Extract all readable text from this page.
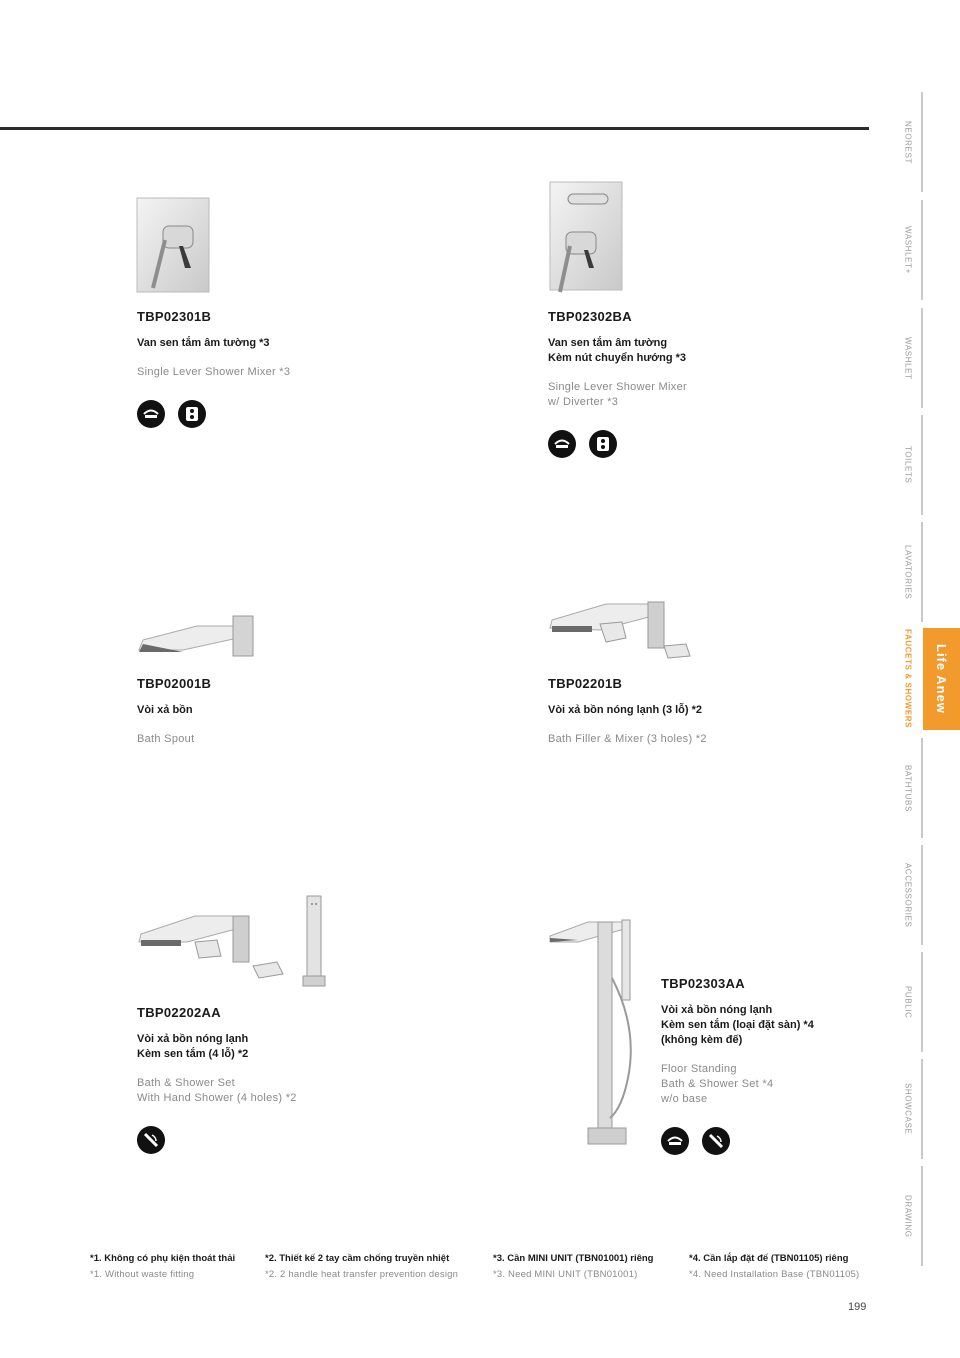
NEOREST
WASHLET+
WASHLET
TOILETS
LAVATORIES
FAUCETS & SHOWERS
BATHTUBS
ACCESSORIES
PUBLIC
SHOWCASE
DRAWING
Life Anew
TBP02301B
Van sen tắm âm tường *3
Single Lever Shower Mixer *3
TBP02302BA
Van sen tắm âm tường
Kèm nút chuyển hướng *3
Single Lever Shower Mixer
w/ Diverter *3
TBP02001B
Vòi xả bồn
Bath Spout
TBP02201B
Vòi xả bồn nóng lạnh (3 lỗ) *2
Bath Filler & Mixer (3 holes) *2
TBP02202AA
Vòi xả bồn nóng lạnh
Kèm sen tắm (4 lỗ) *2
Bath & Shower Set
With Hand Shower (4 holes) *2
TBP02303AA
Vòi xả bồn nóng lạnh
Kèm sen tắm (loại đặt sàn) *4
(không kèm đế)
Floor Standing
Bath & Shower Set *4
w/o base
*1. Không có phụ kiện thoát thải
*1. Without waste fitting
*2. Thiết kế 2 tay cầm chống truyền nhiệt
*2. 2 handle heat transfer prevention design
*3. Cần MINI UNIT (TBN01001) riêng
*3. Need MINI UNIT (TBN01001)
*4. Cần lắp đặt đế (TBN01105) riêng
*4. Need Installation Base (TBN01105)
199
